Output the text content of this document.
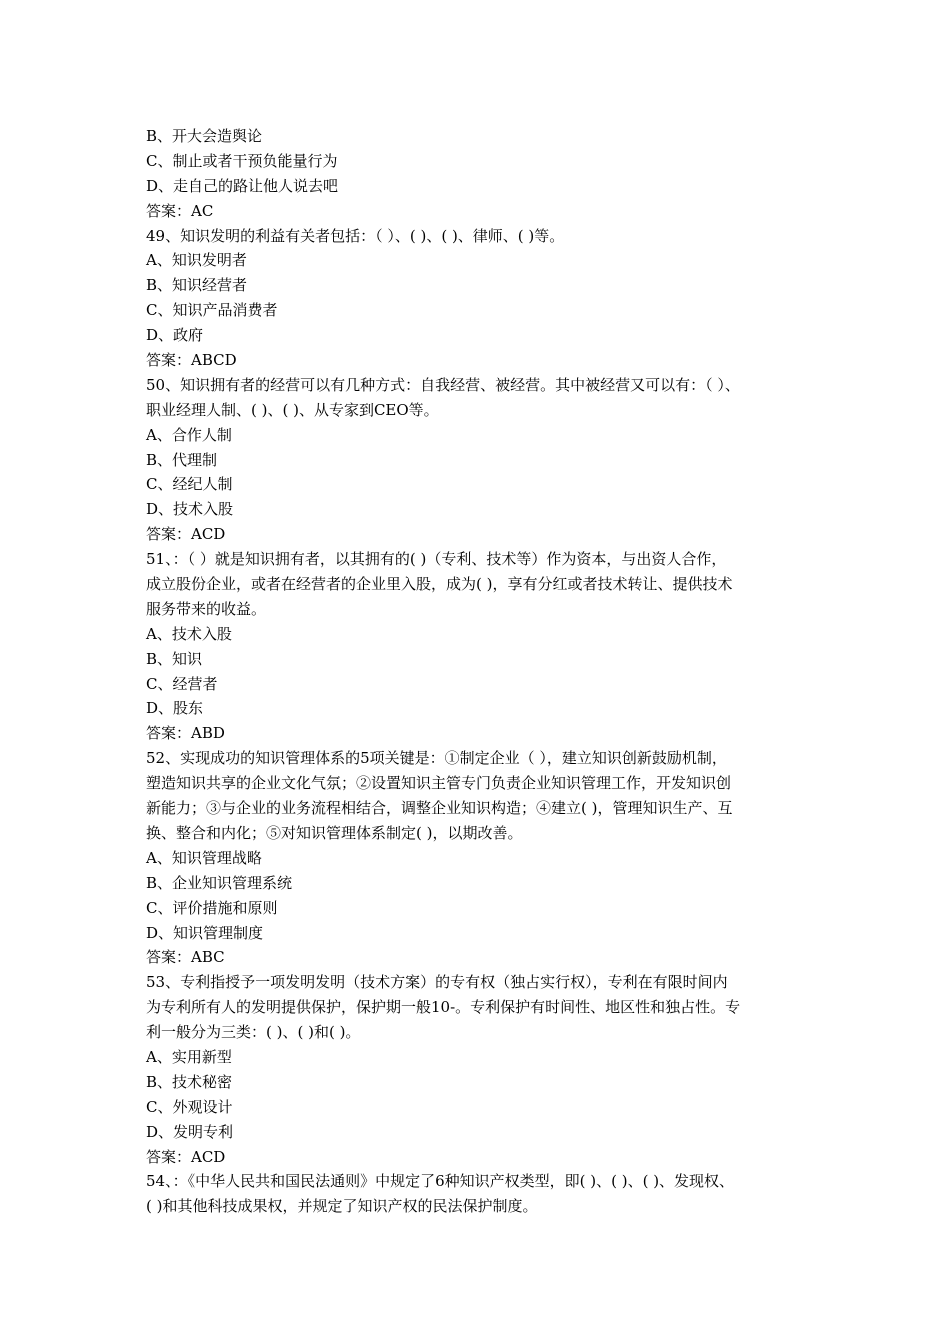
B、开大会造舆论
C、制止或者干预负能量行为
D、走自己的路让他人说去吧
答案：AC
49、知识发明的利益有关者包括：（ ）、( )、( )、律师、( )等。
A、知识发明者
B、知识经营者
C、知识产品消费者
D、政府
答案：ABCD
50、知识拥有者的经营可以有几种方式：自我经营、被经营。其中被经营又可以有：（ ）、
职业经理人制、( )、( )、从专家到CEO等。
A、合作人制
B、代理制
C、经纪人制
D、技术入股
答案：ACD
51、：（ ）就是知识拥有者，以其拥有的( )（专利、技术等）作为资本，与出资人合作，
成立股份企业，或者在经营者的企业里入股，成为( )，享有分红或者技术转让、提供技术
服务带来的收益。
A、技术入股
B、知识
C、经营者
D、股东
答案：ABD
52、实现成功的知识管理体系的5项关键是：①制定企业（ ），建立知识创新鼓励机制，
塑造知识共享的企业文化气氛；②设置知识主管专门负责企业知识管理工作，开发知识创
新能力；③与企业的业务流程相结合，调整企业知识构造；④建立( )，管理知识生产、互
换、整合和内化；⑤对知识管理体系制定( )，以期改善。
A、知识管理战略
B、企业知识管理系统
C、评价措施和原则
D、知识管理制度
答案：ABC
53、专利指授予一项发明发明（技术方案）的专有权（独占实行权），专利在有限时间内
为专利所有人的发明提供保护，保护期一般10-。专利保护有时间性、地区性和独占性。专
利一般分为三类：( )、( )和( )。
A、实用新型
B、技术秘密
C、外观设计
D、发明专利
答案：ACD
54、：《中华人民共和国民法通则》中规定了6种知识产权类型，即( )、( )、( )、发现权、
( )和其他科技成果权，并规定了知识产权的民法保护制度。
